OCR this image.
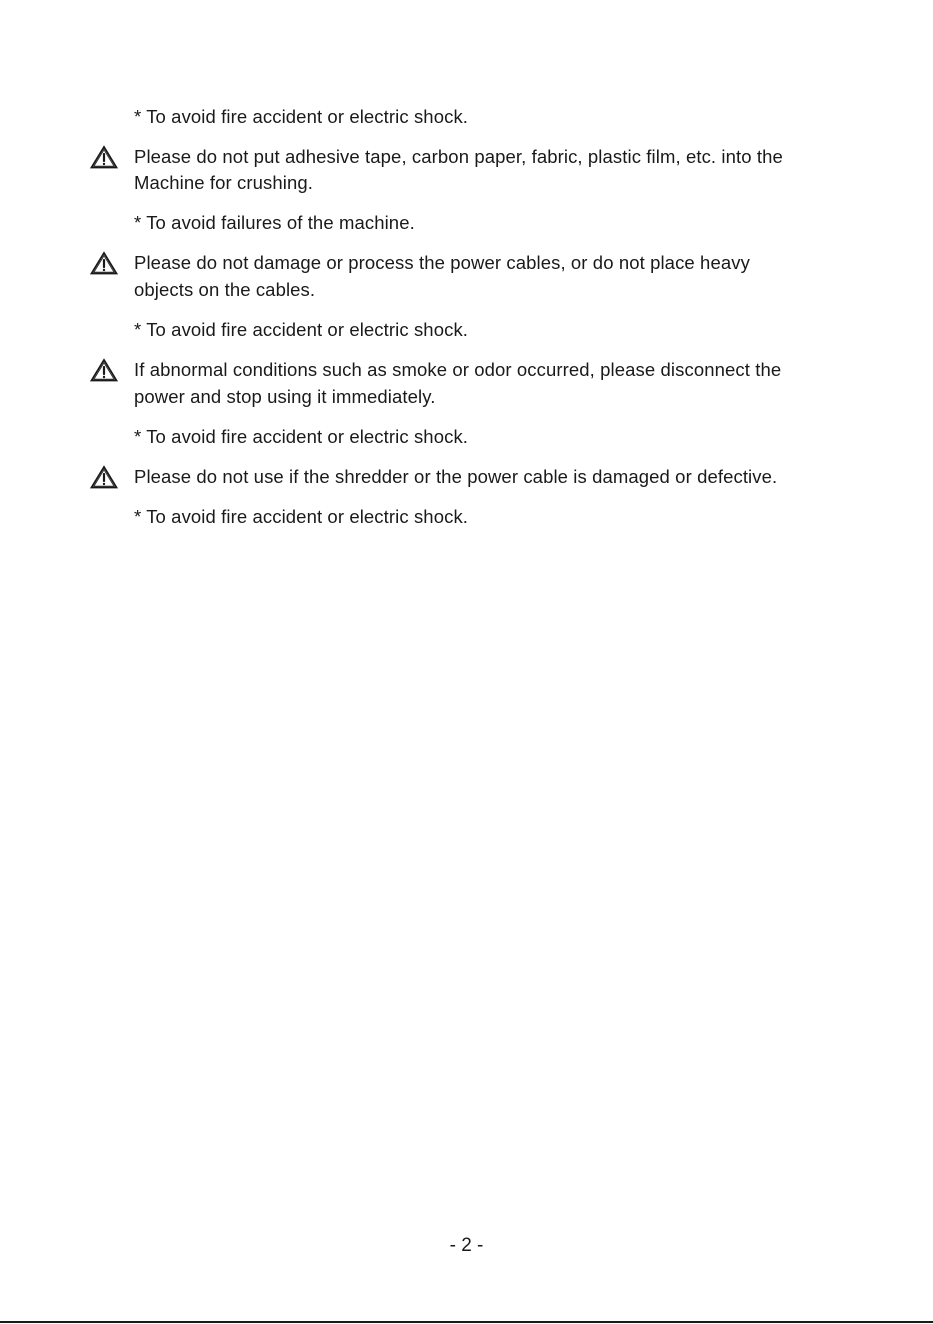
* To avoid fire accident or electric shock.
Please do not put adhesive tape, carbon paper, fabric, plastic film, etc. into the
Machine for crushing.
* To avoid failures of the machine.
Please do not damage or process the power cables, or do not place heavy
objects on the cables.
* To avoid fire accident or electric shock.
If abnormal conditions such as smoke or odor occurred, please disconnect the
power and stop using it immediately.
* To avoid fire accident or electric shock.
Please do not use if the shredder or the power cable is damaged or defective.
* To avoid fire accident or electric shock.
- 2 -
